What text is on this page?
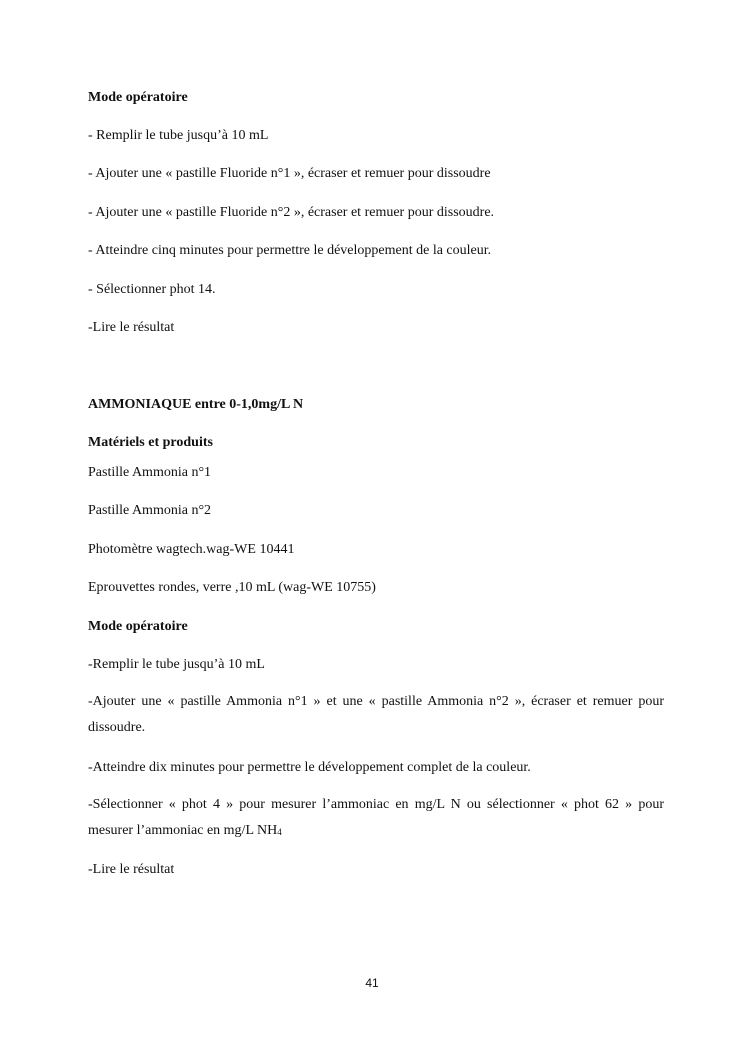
Mode opératoire

- Remplir le tube jusqu’à 10 mL

- Ajouter une « pastille Fluoride n°1 », écraser et remuer pour dissoudre

- Ajouter une « pastille Fluoride n°2 », écraser et remuer pour dissoudre.

- Atteindre cinq minutes pour permettre le développement de la couleur.

- Sélectionner phot 14.

-Lire le résultat

AMMONIAQUE entre 0-1,0mg/L N

Matériels et produits

Pastille Ammonia n°1

Pastille Ammonia n°2

Photomètre wagtech.wag-WE 10441

Eprouvettes rondes, verre ,10 mL (wag-WE 10755)

Mode opératoire

-Remplir le tube jusqu’à 10 mL

-Ajouter une « pastille Ammonia n°1 » et une « pastille Ammonia n°2 », écraser et remuer pour dissoudre.

-Atteindre dix minutes pour permettre le développement complet de la couleur.

-Sélectionner « phot 4 » pour mesurer l’ammoniac en mg/L N ou sélectionner « phot 62 » pour mesurer l’ammoniac en mg/L $NH_4$

-Lire le résultat

41
